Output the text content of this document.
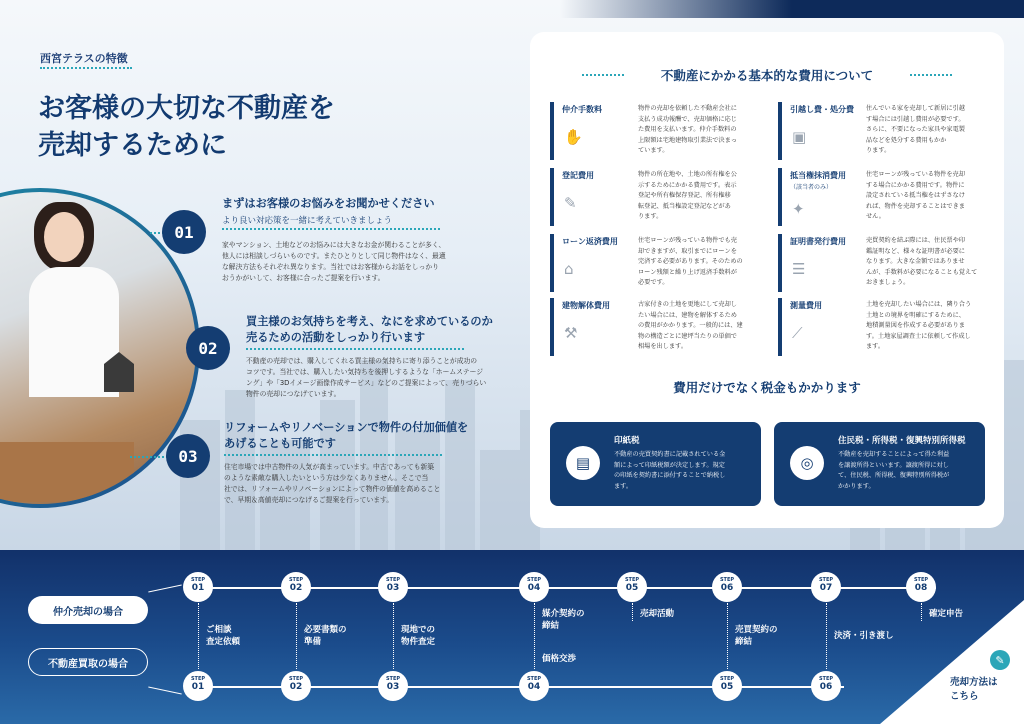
西宮テラスの特徴
お客様の大切な不動産を
売却するために
01
まずはお客様のお悩みをお聞かせください
より良い対応策を一緒に考えていきましょう
家やマンション、土地などのお悩みには大きなお金が関わることが多く、
他人には相談しづらいものです。またひとりとして同じ物件はなく、最適
な解決方法もそれぞれ異なります。当社ではお客様からお話をしっかり
おうかがいして、お客様に合ったご提案を行います。
02
買主様のお気持ちを考え、なにを求めているのか
売るための活動をしっかり行います
不動産の売却では、購入してくれる買主様の気持ちに寄り添うことが成功の
コツです。当社では、購入したい気持ちを後押しするような「ホームステージ
ング」や「3Dイメージ画像作成サービス」などのご提案によって、売りづらい
物件の売却につなげています。
03
リフォームやリノベーションで物件の付加価値を
あげることも可能です
住宅市場では中古物件の人気が高まっています。中古であっても新築
のような素敵な購入したいという方は少なくありません。そこで当
社では、リフォームやリノベーションによって物件の価値を高めること
で、早期＆高値売却につなげるご提案を行っています。
不動産にかかる基本的な費用について
仲介手数料
✋
物件の売却を依頼した不動産会社に
支払う成功報酬で、売却価格に応じ
た費用を支払います。仲介手数料の
上限額は宅地建物取引業法で決まっ
ています。
引越し費・処分費
▣
住んでいる家を売却して新居に引越
す場合には引越し費用が必要です。
さらに、不要になった家具や家電製
品などを処分する費用もかか
ります。
登記費用
✎
物件の所在地や、土地の所有権を公
示するためにかかる費用です。表示
登記や所有権保存登記、所有権移
転登記、抵当権設定登記などがあ
ります。
抵当権抹消費用
（該当者のみ）
✦
住宅ローンが残っている物件を売却
する場合にかかる費用です。物件に
設定されている抵当権をはずさなけ
れば、物件を売却することはできま
せん。
ローン返済費用
⌂
住宅ローンが残っている物件でも売
却できますが、取引までにローンを
完済する必要があります。そのための
ローン残額と繰り上げ返済手数料が
必要です。
証明書発行費用
☰
売買契約を結ぶ際には、住民票や印
鑑証明など、様々な証明書が必要に
なります。大きな金額ではありませ
んが、手数料が必要になることも覚えて
おきましょう。
建物解体費用
⚒
古家付きの土地を更地にして売却し
たい場合には、建物を解体するため
の費用がかかります。一般的には、建
物の構造ごとに建坪当たりの単価で
相場を出します。
測量費用
⟋
土地を売却したい場合には、隣り合う
土地との境界を明確にするために、
地積測量図を作成する必要がありま
す。土地家屋調査士に依頼して作成し
ます。
費用だけでなく税金もかかります
▤
印紙税
不動産の売買契約書に記載されている金
額によって印紙税額が決定します。規定
の印紙を契約書に添付することで納税し
ます。
◎
住民税・所得税・復興特別所得税
不動産を売却することによって得た利益
を譲渡所得といいます。譲渡所得に対し
て、住民税、所得税、復興特別所得税が
かかります。
仲介売却の場合
不動産買取の場合
STEP
01
STEP
02
STEP
03
STEP
04
STEP
05
STEP
06
STEP
07
STEP
08
STEP
01
STEP
02
STEP
03
STEP
04
STEP
05
STEP
06
ご相談
査定依頼
必要書類の
準備
現地での
物件査定
媒介契約の
締結
価格交渉
売却活動
売買契約の
締結
決済・引き渡し
確定申告
✎
売却方法は
こちら
